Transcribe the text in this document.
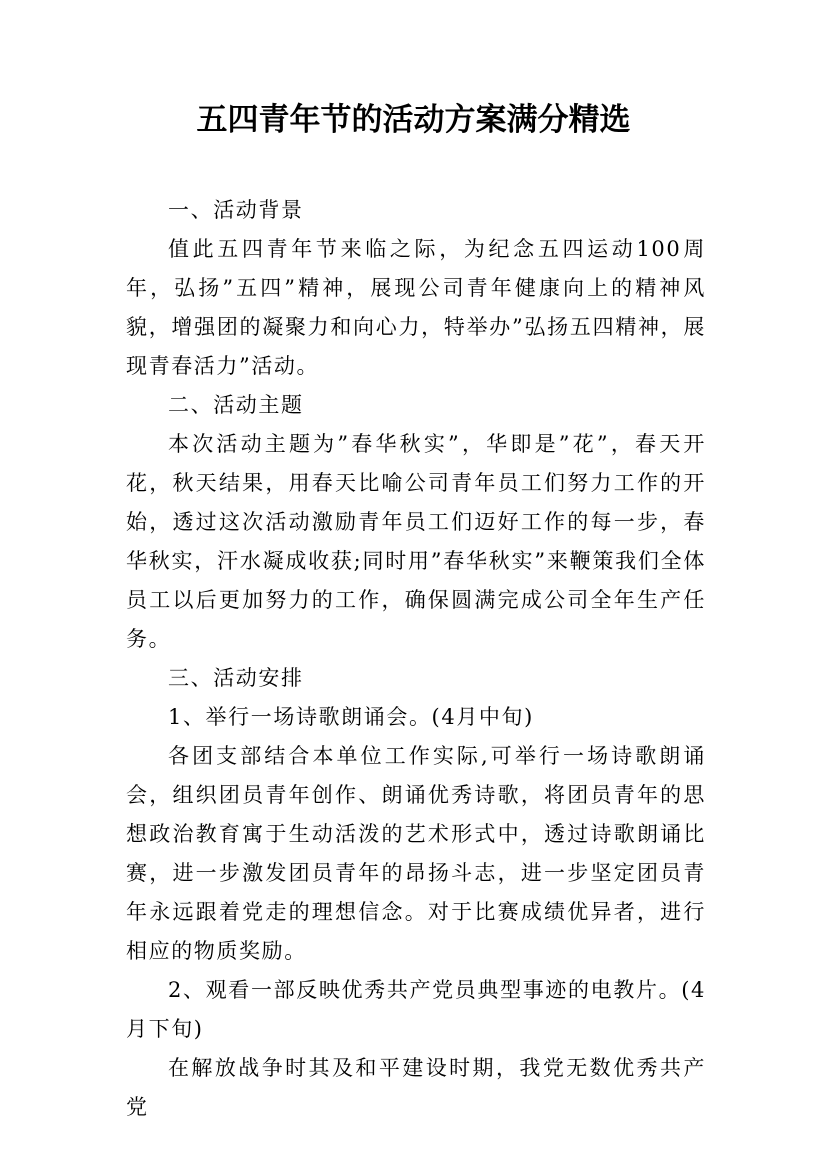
五四青年节的活动方案满分精选

一、活动背景

值此五四青年节来临之际，为纪念五四运动100周年，弘扬”五四”精神，展现公司青年健康向上的精神风貌，增强团的凝聚力和向心力，特举办”弘扬五四精神，展现青春活力”活动。

二、活动主题

本次活动主题为”春华秋实”，华即是”花”，春天开花，秋天结果，用春天比喻公司青年员工们努力工作的开始，透过这次活动激励青年员工们迈好工作的每一步，春华秋实，汗水凝成收获;同时用”春华秋实”来鞭策我们全体员工以后更加努力的工作，确保圆满完成公司全年生产任务。

三、活动安排

1、举行一场诗歌朗诵会。(4月中旬)

各团支部结合本单位工作实际,可举行一场诗歌朗诵会，组织团员青年创作、朗诵优秀诗歌，将团员青年的思想政治教育寓于生动活泼的艺术形式中，透过诗歌朗诵比赛，进一步激发团员青年的昂扬斗志，进一步坚定团员青年永远跟着党走的理想信念。对于比赛成绩优异者，进行相应的物质奖励。

2、观看一部反映优秀共产党员典型事迹的电教片。(4月下旬)

在解放战争时其及和平建设时期，我党无数优秀共产党
